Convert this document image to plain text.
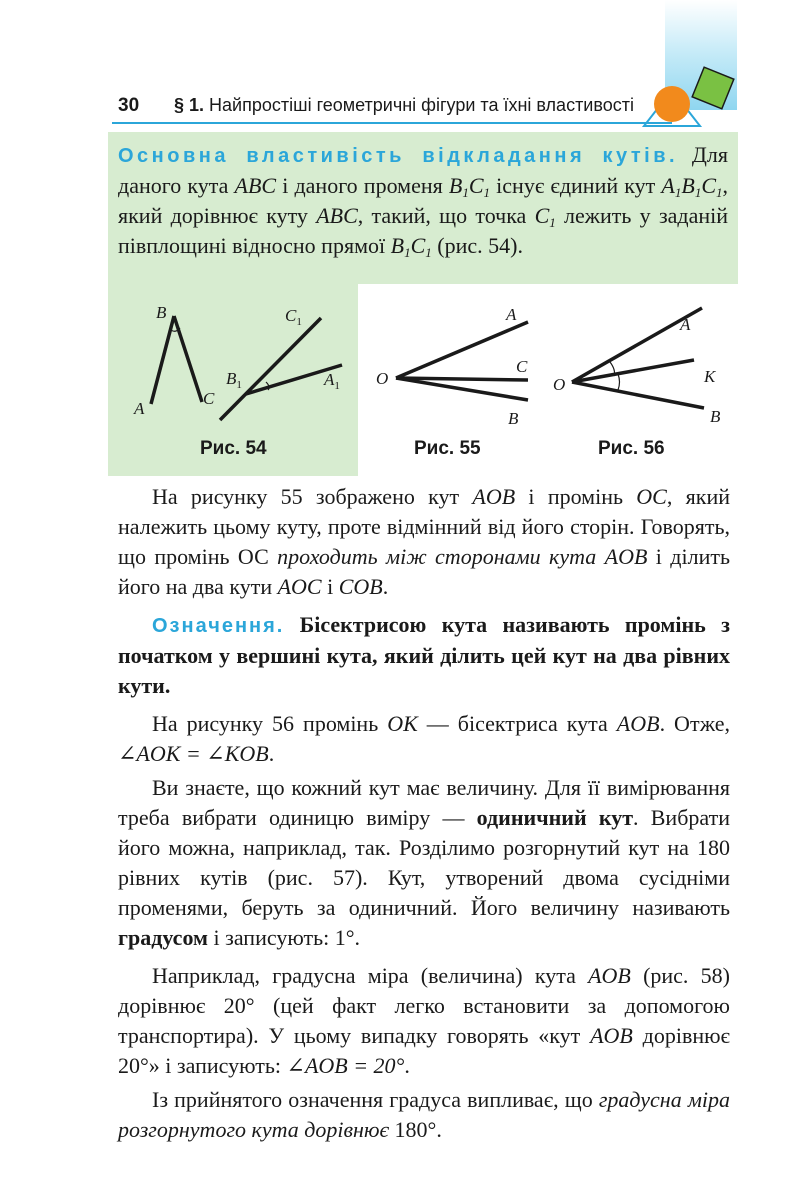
30 § 1. Найпростіші геометричні фігури та їхні властивості
Основна властивість відкладання кутів. Для даного кута ABC і даного променя $B_1C_1$ існує єдиний кут $A_1B_1C_1$, який дорівнює куту ABC, такий, що точка $C_1$ лежить у заданій півплощині відносно прямої $B_1C_1$ (рис. 54).
B
A
C
$C_1$
$B_1$	$A_1$
Рис. 54
O
A
C
B
Рис. 55
O
A
K
B
Рис. 56

На рисунку 55 зображено кут AOB і промінь OC, який належить цьому куту, проте відмінний від його сторін. Говорять, що промінь ОС проходить між сторонами кута AOB і ділить його на два кути AOC і COB.

Означення. Бісектрисою кута називають промінь з початком у вершині кута, який ділить цей кут на два рівних кути.

На рисунку 56 промінь OK — бісектриса кута AOB. Отже, ∠AOK = ∠KOB.

Ви знаєте, що кожний кут має величину. Для її вимірювання треба вибрати одиницю виміру — одиничний кут. Вибрати його можна, наприклад, так. Розділимо розгорнутий кут на 180 рівних кутів (рис. 57). Кут, утворений двома сусідніми променями, беруть за одиничний. Його величину називають градусом і записують: 1°.

Наприклад, градусна міра (величина) кута AOB (рис. 58) дорівнює 20° (цей факт легко встановити за допомогою транспортира). У цьому випадку говорять «кут AOB дорівнює 20°» і записують: ∠AOB = 20°.

Із прийнятого означення градуса випливає, що градусна міра розгорнутого кута дорівнює 180°.
